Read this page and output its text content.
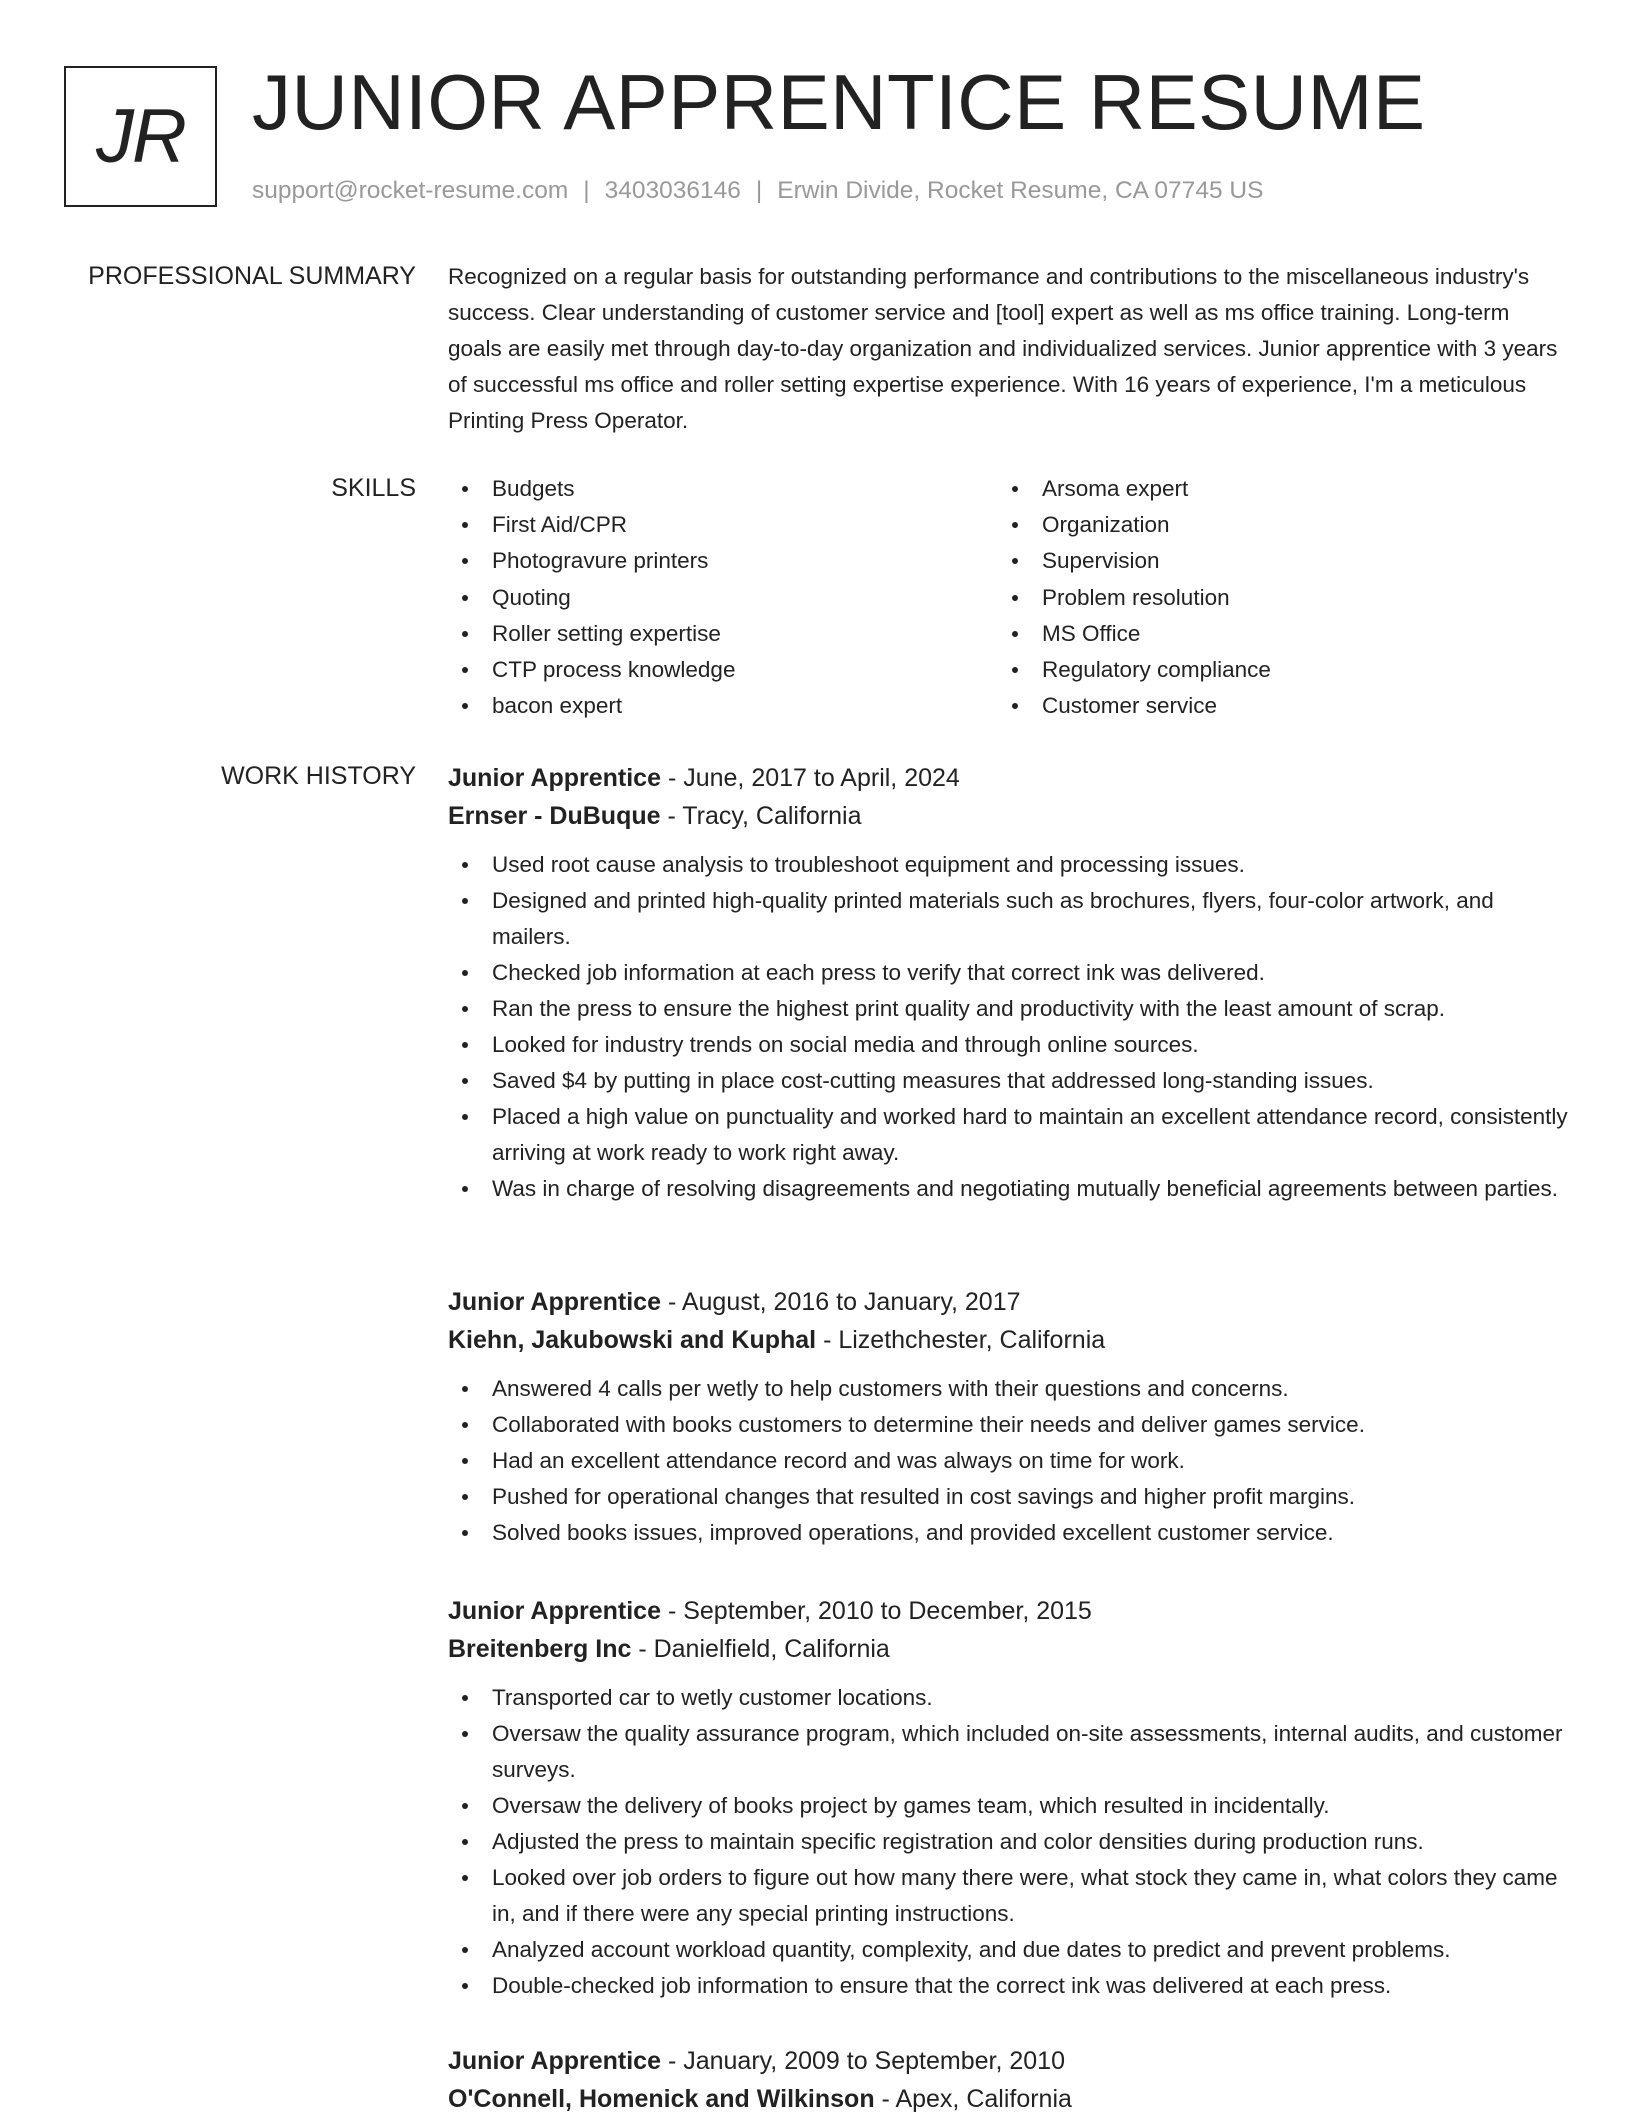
JR JUNIOR APPRENTICE RESUME
support@rocket-resume.com | 3403036146 | Erwin Divide, Rocket Resume, CA 07745 US
PROFESSIONAL SUMMARY Recognized on a regular basis for outstanding performance and contributions to the miscellaneous industry's success. Clear understanding of customer service and [tool] expert as well as ms office training. Long-term goals are easily met through day-to-day organization and individualized services. Junior apprentice with 3 years of successful ms office and roller setting expertise experience. With 16 years of experience, I'm a meticulous Printing Press Operator.

SKILLS	Budgets
First Aid/CPR
Photogravure printers
Quoting
Roller setting expertise
CTP process knowledge
bacon expert
Arsoma expert
Organization
Supervision
Problem resolution
MS Office
Regulatory compliance
Customer service
WORK HISTORY Junior Apprentice - June, 2017 to April, 2024
Ernser - DuBuque - Tracy, California
Used root cause analysis to troubleshoot equipment and processing issues.
Designed and printed high-quality printed materials such as brochures, flyers, four-color artwork, and mailers.
Checked job information at each press to verify that correct ink was delivered.
Ran the press to ensure the highest print quality and productivity with the least amount of scrap.
Looked for industry trends on social media and through online sources.
Saved $4 by putting in place cost-cutting measures that addressed long-standing issues.
Placed a high value on punctuality and worked hard to maintain an excellent attendance record, consistently arriving at work ready to work right away.
Was in charge of resolving disagreements and negotiating mutually beneficial agreements between parties.
Junior Apprentice - August, 2016 to January, 2017
Kiehn, Jakubowski and Kuphal - Lizethchester, California
Answered 4 calls per wetly to help customers with their questions and concerns.
Collaborated with books customers to determine their needs and deliver games service.
Had an excellent attendance record and was always on time for work.
Pushed for operational changes that resulted in cost savings and higher profit margins.
Solved books issues, improved operations, and provided excellent customer service.
Junior Apprentice - September, 2010 to December, 2015
Breitenberg Inc - Danielfield, California
Transported car to wetly customer locations.
Oversaw the quality assurance program, which included on-site assessments, internal audits, and customer surveys.
Oversaw the delivery of books project by games team, which resulted in incidentally.
Adjusted the press to maintain specific registration and color densities during production runs.
Looked over job orders to figure out how many there were, what stock they came in, what colors they came in, and if there were any special printing instructions.
Analyzed account workload quantity, complexity, and due dates to predict and prevent problems.
Double-checked job information to ensure that the correct ink was delivered at each press.
Junior Apprentice - January, 2009 to September, 2010
O'Connell, Homenick and Wilkinson - Apex, California
